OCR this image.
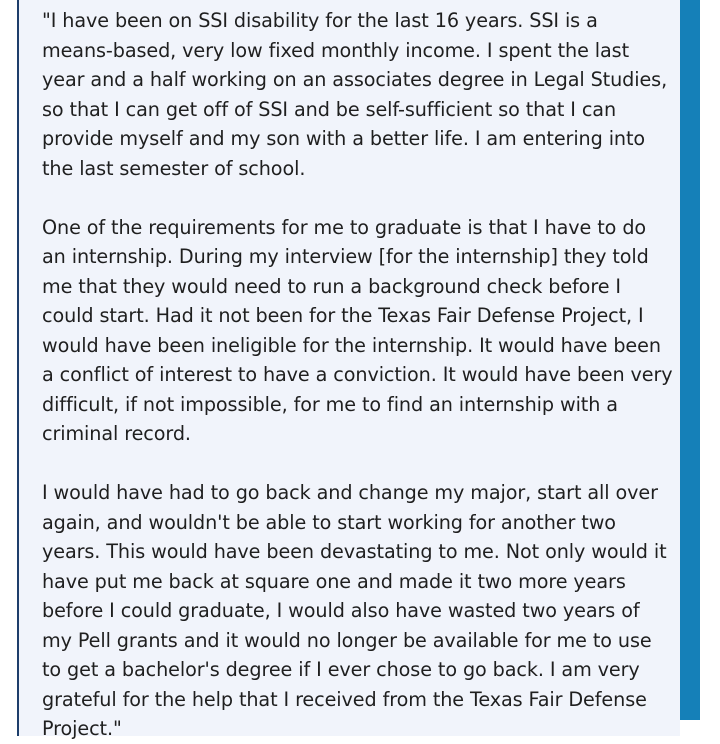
"I have been on SSI disability for the last 16 years. SSI is a means-based, very low fixed monthly income. I spent the last year and a half working on an associates degree in Legal Studies, so that I can get off of SSI and be self-sufficient so that I can provide myself and my son with a better life. I am entering into the last semester of school.

One of the requirements for me to graduate is that I have to do an internship. During my interview [for the internship] they told me that they would need to run a background check before I could start. Had it not been for the Texas Fair Defense Project, I would have been ineligible for the internship. It would have been a conflict of interest to have a conviction. It would have been very difficult, if not impossible, for me to find an internship with a criminal record.

I would have had to go back and change my major, start all over again, and wouldn't be able to start working for another two years. This would have been devastating to me. Not only would it have put me back at square one and made it two more years before I could graduate, I would also have wasted two years of my Pell grants and it would no longer be available for me to use to get a bachelor's degree if I ever chose to go back. I am very grateful for the help that I received from the Texas Fair Defense Project."
